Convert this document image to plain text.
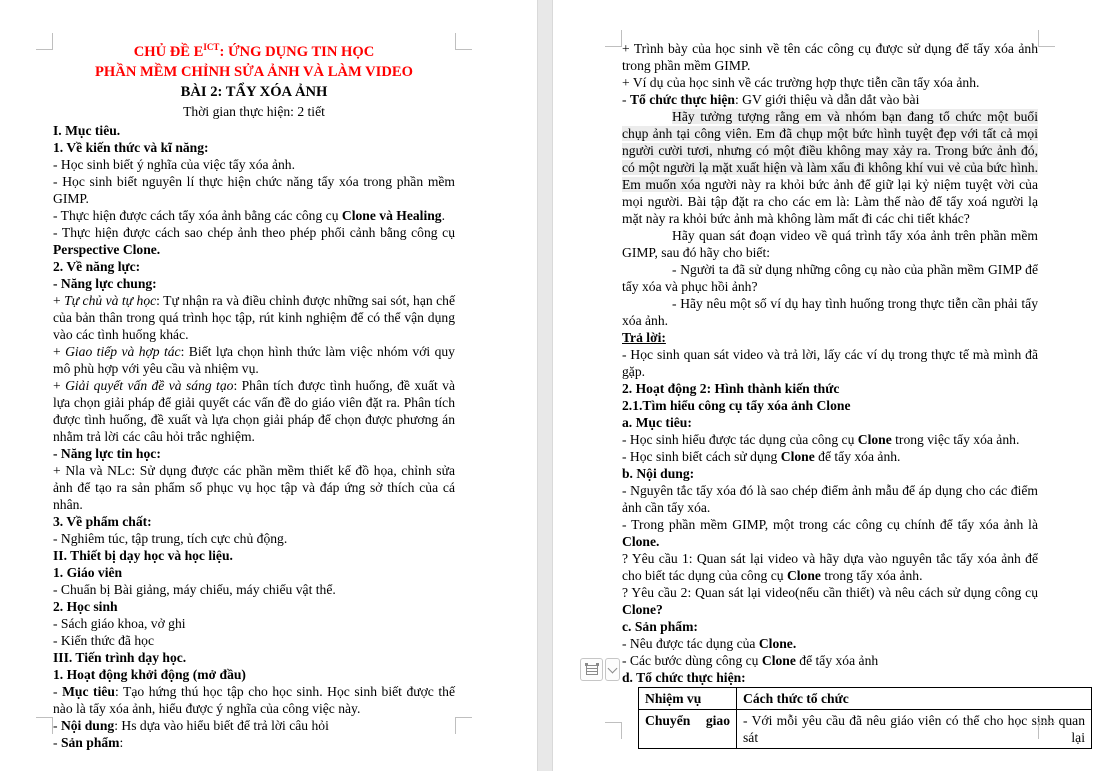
CHỦ ĐỀ $E^{ICT}$: ỨNG DỤNG TIN HỌC
PHẦN MỀM CHỈNH SỬA ẢNH VÀ LÀM VIDEO
BÀI 2: TẨY XÓA ẢNH
Thời gian thực hiện: 2 tiết
I. Mục tiêu.
1. Về kiến thức và kĩ năng:
- Học sinh biết ý nghĩa của việc tẩy xóa ảnh.
- Học sinh biết nguyên lí thực hiện chức năng tẩy xóa trong phần mềm GIMP.
- Thực hiện được cách tẩy xóa ảnh bằng các công cụ Clone và Healing.
- Thực hiện được cách sao chép ảnh theo phép phối cảnh bằng công cụ Perspective Clone.
2. Về năng lực:
- Năng lực chung:
+ Tự chủ và tự học: Tự nhận ra và điều chỉnh được những sai sót, hạn chế của bản thân trong quá trình học tập, rút kinh nghiệm để có thể vận dụng vào các tình huống khác.
+ Giao tiếp và hợp tác: Biết lựa chọn hình thức làm việc nhóm với quy mô phù hợp với yêu cầu và nhiệm vụ.
+ Giải quyết vấn đề và sáng tạo: Phân tích được tình huống, đề xuất và lựa chọn giải pháp để giải quyết các vấn đề do giáo viên đặt ra. Phân tích được tình huống, đề xuất và lựa chọn giải pháp để chọn được phương án nhằm trả lời các câu hỏi trắc nghiệm.
- Năng lực tin học:
+ Nla và NLc: Sử dụng được các phần mềm thiết kế đồ họa, chỉnh sửa ảnh để tạo ra sản phẩm số phục vụ học tập và đáp ứng sở thích của cá nhân.
3. Về phẩm chất:
- Nghiêm túc, tập trung, tích cực chủ động.
II. Thiết bị dạy học và học liệu.
1. Giáo viên
- Chuẩn bị Bài giảng, máy chiếu, máy chiếu vật thể.
2. Học sinh
- Sách giáo khoa, vở ghi
- Kiến thức đã học
III. Tiến trình dạy học.
1. Hoạt động khởi động (mở đầu)
- Mục tiêu: Tạo hứng thú học tập cho học sinh. Học sinh biết được thế nào là tẩy xóa ảnh, hiểu được ý nghĩa của công việc này.
- Nội dung: Hs dựa vào hiểu biết để trả lời câu hỏi
- Sản phẩm:
+ Trình bày của học sinh về tên các công cụ được sử dụng để tẩy xóa ảnh trong phần mềm GIMP.
+ Ví dụ của học sinh về các trường hợp thực tiễn cần tẩy xóa ảnh.
- Tổ chức thực hiện: GV giới thiệu và dẫn dắt vào bài
Hãy tưởng tượng rằng em và nhóm bạn đang tổ chức một buổi chụp ảnh tại công viên. Em đã chụp một bức hình tuyệt đẹp với tất cả mọi người cười tươi, nhưng có một điều không may xảy ra. Trong bức ảnh đó, có một người lạ mặt xuất hiện và làm xấu đi không khí vui vẻ của bức hình. Em muốn xóa người này ra khỏi bức ảnh để giữ lại kỷ niệm tuyệt vời của mọi người. Bài tập đặt ra cho các em là: Làm thế nào để tẩy xoá người lạ mặt này ra khỏi bức ảnh mà không làm mất đi các chi tiết khác?
Hãy quan sát đoạn video về quá trình tẩy xóa ảnh trên phần mềm GIMP, sau đó hãy cho biết:
- Người ta đã sử dụng những công cụ nào của phần mềm GIMP để tẩy xóa và phục hồi ảnh?
- Hãy nêu một số ví dụ hay tình huống trong thực tiễn cần phải tẩy xóa ảnh.
Trả lời:
- Học sinh quan sát video và trả lời, lấy các ví dụ trong thực tế mà mình đã gặp.
2. Hoạt động 2: Hình thành kiến thức
2.1.Tìm hiểu công cụ tẩy xóa ảnh Clone
a. Mục tiêu:
- Học sinh hiểu được tác dụng của công cụ Clone trong việc tẩy xóa ảnh.
- Học sinh biết cách sử dụng Clone để tẩy xóa ảnh.
b. Nội dung:
- Nguyên tắc tẩy xóa đó là sao chép điểm ảnh mẫu để áp dụng cho các điểm ảnh cần tẩy xóa.
- Trong phần mềm GIMP, một trong các công cụ chính để tẩy xóa ảnh là Clone.
? Yêu cầu 1: Quan sát lại video và hãy dựa vào nguyên tắc tẩy xóa ảnh để cho biết tác dụng của công cụ Clone trong tẩy xóa ảnh.
? Yêu cầu 2: Quan sát lại video(nếu cần thiết) và nêu cách sử dụng công cụ Clone?
c. Sản phẩm:
- Nêu được tác dụng của Clone.
- Các bước dùng công cụ Clone để tẩy xóa ảnh
d. Tổ chức thực hiện:
Nhiệm vụ	Cách thức tổ chức
Chuyển giao	- Với mỗi yêu cầu đã nêu giáo viên có thể cho học sinh quan sát lại
